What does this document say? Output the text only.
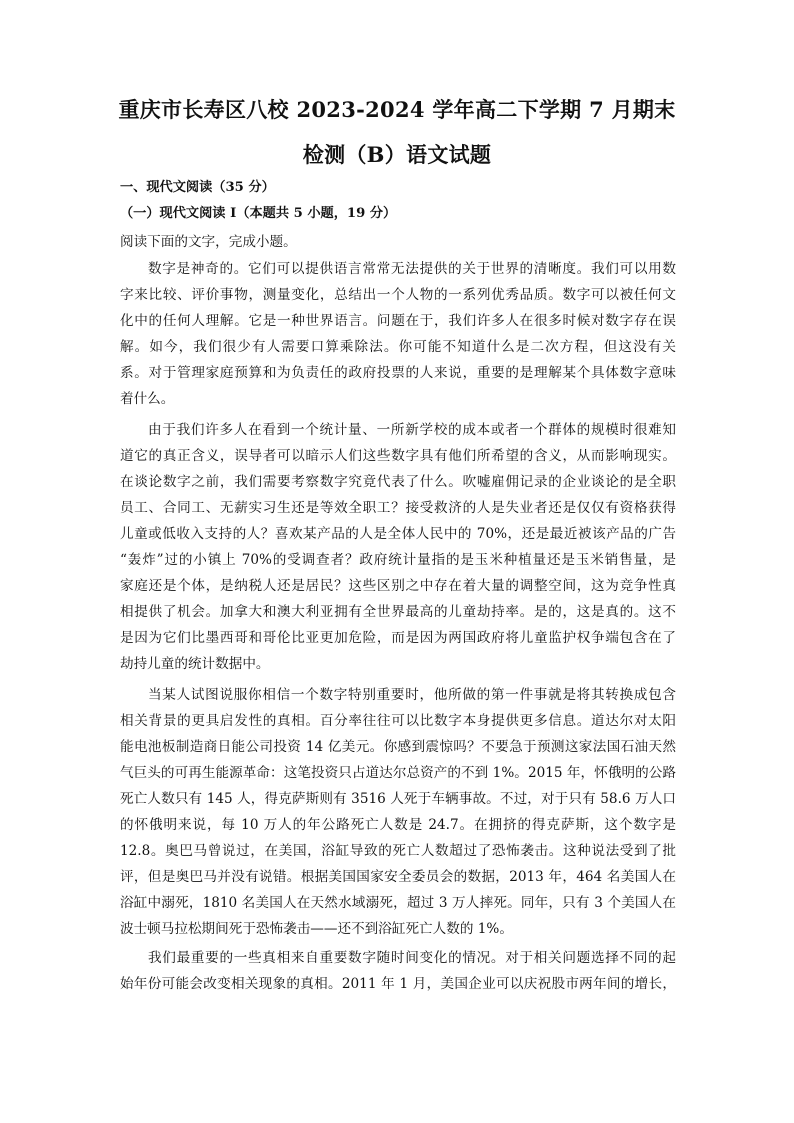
重庆市长寿区八校 2023-2024 学年高二下学期 7 月期末
检测（B）语文试题
一、现代文阅读（35 分）
（一）现代文阅读 I（本题共 5 小题，19 分）
阅读下面的文字，完成小题。
数字是神奇的。它们可以提供语言常常无法提供的关于世界的清晰度。我们可以用数
字来比较、评价事物，测量变化，总结出一个人物的一系列优秀品质。数字可以被任何文
化中的任何人理解。它是一种世界语言。问题在于，我们许多人在很多时候对数字存在误
解。如今，我们很少有人需要口算乘除法。你可能不知道什么是二次方程，但这没有关
系。对于管理家庭预算和为负责任的政府投票的人来说，重要的是理解某个具体数字意味
着什么。
由于我们许多人在看到一个统计量、一所新学校的成本或者一个群体的规模时很难知
道它的真正含义，误导者可以暗示人们这些数字具有他们所希望的含义，从而影响现实。
在谈论数字之前，我们需要考察数字究竟代表了什么。吹嘘雇佣记录的企业谈论的是全职
员工、合同工、无薪实习生还是等效全职工？接受救济的人是失业者还是仅仅有资格获得
儿童或低收入支持的人？喜欢某产品的人是全体人民中的 70%，还是最近被该产品的广告
“轰炸”过的小镇上 70%的受调查者？政府统计量指的是玉米种植量还是玉米销售量，是
家庭还是个体，是纳税人还是居民？这些区别之中存在着大量的调整空间，这为竞争性真
相提供了机会。加拿大和澳大利亚拥有全世界最高的儿童劫持率。是的，这是真的。这不
是因为它们比墨西哥和哥伦比亚更加危险，而是因为两国政府将儿童监护权争端包含在了
劫持儿童的统计数据中。
当某人试图说服你相信一个数字特别重要时，他所做的第一件事就是将其转换成包含
相关背景的更具启发性的真相。百分率往往可以比数字本身提供更多信息。道达尔对太阳
能电池板制造商日能公司投资 14 亿美元。你感到震惊吗？不要急于预测这家法国石油天然
气巨头的可再生能源革命：这笔投资只占道达尔总资产的不到 1%。2015 年，怀俄明的公路
死亡人数只有 145 人，得克萨斯则有 3516 人死于车辆事故。不过，对于只有 58.6 万人口
的怀俄明来说，每 10 万人的年公路死亡人数是 24.7。在拥挤的得克萨斯，这个数字是
12.8。奥巴马曾说过，在美国，浴缸导致的死亡人数超过了恐怖袭击。这种说法受到了批
评，但是奥巴马并没有说错。根据美国国家安全委员会的数据，2013 年，464 名美国人在
浴缸中溺死，1810 名美国人在天然水域溺死，超过 3 万人摔死。同年，只有 3 个美国人在
波士顿马拉松期间死于恐怖袭击——还不到浴缸死亡人数的 1%。
我们最重要的一些真相来自重要数字随时间变化的情况。对于相关问题选择不同的起
始年份可能会改变相关现象的真相。2011 年 1 月，美国企业可以庆祝股市两年间的增长，
